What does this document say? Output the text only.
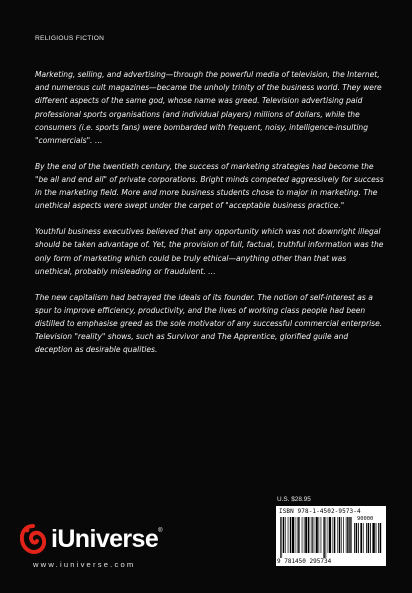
RELIGIOUS FICTION

Marketing, selling, and advertising—through the powerful media of television, the Internet, and numerous cult magazines—became the unholy trinity of the business world. They were different aspects of the same god, whose name was greed. Television advertising paid professional sports organisations (and individual players) millions of dollars, while the consumers (i.e. sports fans) were bombarded with frequent, noisy, intelligence-insulting "commercials". …

By the end of the twentieth century, the success of marketing strategies had become the "be all and end all" of private corporations. Bright minds competed aggressively for success in the marketing field. More and more business students chose to major in marketing. The unethical aspects were swept under the carpet of "acceptable business practice."

Youthful business executives believed that any opportunity which was not downright illegal should be taken advantage of. Yet, the provision of full, factual, truthful information was the only form of marketing which could be truly ethical—anything other than that was unethical, probably misleading or fraudulent. …

The new capitalism had betrayed the ideals of its founder. The notion of self-interest as a spur to improve efficiency, productivity, and the lives of working class people had been distilled to emphasise greed as the sole motivator of any successful commercial enterprise. Television "reality" shows, such as Survivor and The Apprentice, glorified guile and deception as desirable qualities.

U.S. $28.95
ISBN 978-1-4502-9573-4
90000
9 781450 295734
iUniverse®
www.iuniverse.com
